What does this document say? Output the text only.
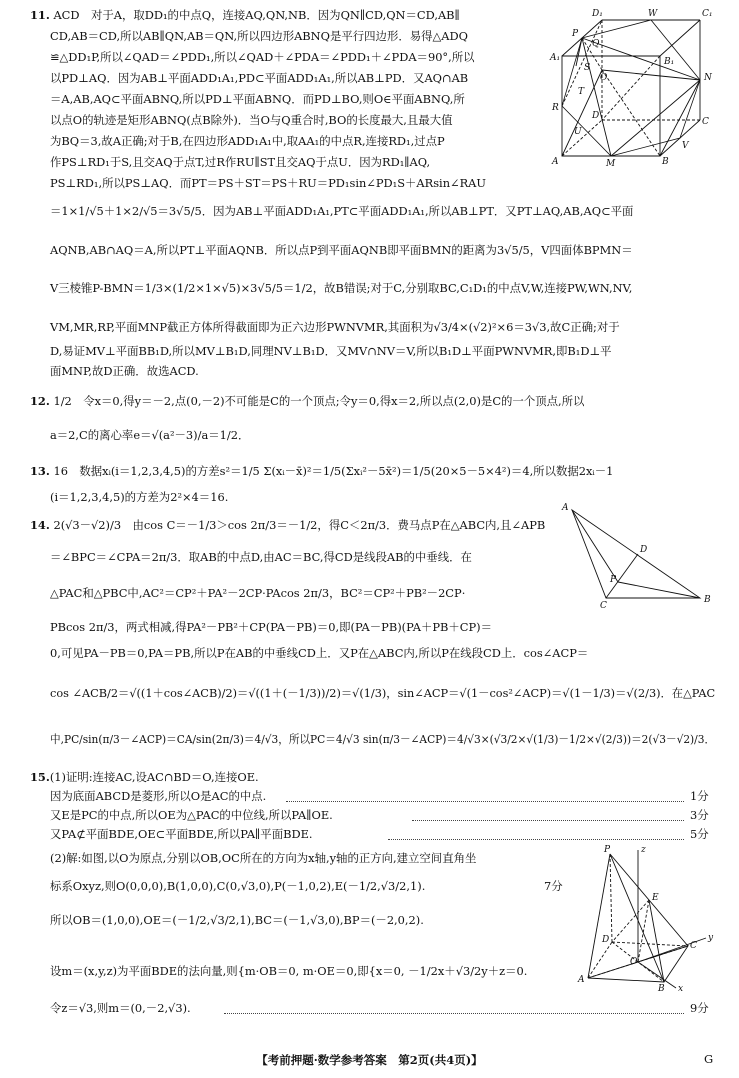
11. ACD　 对于A，取DD₁的中点Q，连接AQ,QN,NB．因为QN∥CD,QN＝CD,AB∥
CD,AB＝CD,所以AB∥QN,AB＝QN,所以四边形ABNQ是平行四边形．易得△ADQ
≌△DD₁P,所以∠QAD＝∠PDD₁,所以∠QAD＋∠PDA＝∠PDD₁＋∠PDA＝90°,所以
以PD⊥AQ．因为AB⊥平面ADD₁A₁,PD⊂平面ADD₁A₁,所以AB⊥PD．又AQ∩AB
＝A,AB,AQ⊂平面ABNQ,所以PD⊥平面ABNQ．而PD⊥BO,则O∈平面ABNQ,所
以点O的轨迹是矩形ABNQ(点B除外)．当O与Q重合时,BO的长度最大,且最大值
为BQ＝3,故A正确;对于B,在四边形ADD₁A₁中,取AA₁的中点R,连接RD₁,过点P
作PS⊥RD₁于S,且交AQ于点T,过R作RU∥ST且交AQ于点U．因为RD₁∥AQ,
PS⊥RD₁,所以PS⊥AQ．而PT＝PS＋ST＝PS＋RU＝PD₁sin∠PD₁S＋ARsin∠RAU
＝1×1/√5＋1×2/√5＝3√5/5．因为AB⊥平面ADD₁A₁,PT⊂平面ADD₁A₁,所以AB⊥PT．又PT⊥AQ,AB,AQ⊂平面
AQNB,AB∩AQ＝A,所以PT⊥平面AQNB．所以点P到平面AQNB即平面BMN的距离为3√5/5，V四面体BPMN＝
V三棱锥P-BMN＝1/3×(1/2×1×√5)×3√5/5＝1/2，故B错误;对于C,分别取BC,C₁D₁的中点V,W,连接PW,WN,NV,
VM,MR,RP,平面MNP截正方体所得截面即为正六边形PWNVMR,其面积为√3/4×(√2)²×6＝3√3,故C正确;对于
D,易证MV⊥平面BB₁D,所以MV⊥B₁D,同理NV⊥B₁D．又MV∩NV＝V,所以B₁D⊥平面PWNVMR,即B₁D⊥平
面MNP,故D正确．故选ACD.
D₁	W	C₁
P
Q
B₁
A₁
N
O
T
R
U
D
C
S
A	M	B
V
12. 1/2　 令x＝0,得y＝－2,点(0,－2)不可能是C的一个顶点;令y＝0,得x＝2,所以点(2,0)是C的一个顶点,所以
a＝2,C的离心率e＝√(a²－3)/a＝1/2．
13. 16　 数据xᵢ(i＝1,2,3,4,5)的方差s²＝1/5 Σ(xᵢ－x̄)²＝1/5(Σxᵢ²－5x̄²)＝1/5(20×5－5×4²)＝4,所以数据2xᵢ－1
(i＝1,2,3,4,5)的方差为2²×4＝16.
14. 2(√3－√2)/3　 由cos C＝－1/3＞cos 2π/3＝－1/2，得C＜2π/3．费马点P在△ABC内,且∠APB
＝∠BPC＝∠CPA＝2π/3．取AB的中点D,由AC＝BC,得CD是线段AB的中垂线．在
△PAC和△PBC中,AC²＝CP²＋PA²－2CP·PAcos 2π/3，BC²＝CP²＋PB²－2CP·
PBcos 2π/3，两式相减,得PA²－PB²＋CP(PA－PB)＝0,即(PA－PB)(PA＋PB＋CP)＝
0,可见PA－PB＝0,PA＝PB,所以P在AB的中垂线CD上．又P在△ABC内,所以P在线段CD上．cos∠ACP＝
cos ∠ACB/2＝√((1＋cos∠ACB)/2)＝√((1＋(－1/3))/2)＝√(1/3)，sin∠ACP＝√(1－cos²∠ACP)＝√(1－1/3)＝√(2/3)．在△PAC
中,PC/sin(π/3－∠ACP)＝CA/sin(2π/3)＝4/√3，所以PC＝4/√3 sin(π/3－∠ACP)＝4/√3×(√3/2×√(1/3)－1/2×√(2/3))＝2(√3－√2)/3．
A
D
P
C
B
15.(1)证明:连接AC,设AC∩BD＝O,连接OE.
因为底面ABCD是菱形,所以O是AC的中点.	1分
又E是PC的中点,所以OE为△PAC的中位线,所以PA∥OE.	3分
又PA⊄平面BDE,OE⊂平面BDE,所以PA∥平面BDE.	5分
(2)解:如图,以O为原点,分别以OB,OC所在的方向为x轴,y轴的正方向,建立空间直角坐
标系Oxyz,则O(0,0,0),B(1,0,0),C(0,√3,0),P(－1,0,2),E(－1/2,√3/2,1).	7分
所以OB＝(1,0,0),OE＝(－1/2,√3/2,1),BC＝(－1,√3,0),BP＝(－2,0,2).
设m＝(x,y,z)为平面BDE的法向量,则{m·OB＝0, m·OE＝0,即{x＝0, －1/2x＋√3/2y＋z＝0.
令z＝√3,则m＝(0,－2,√3).	9分
P	z
E
D
C
y
O
A
B x
【考前押题·数学参考答案　第2页(共4页)】	G
